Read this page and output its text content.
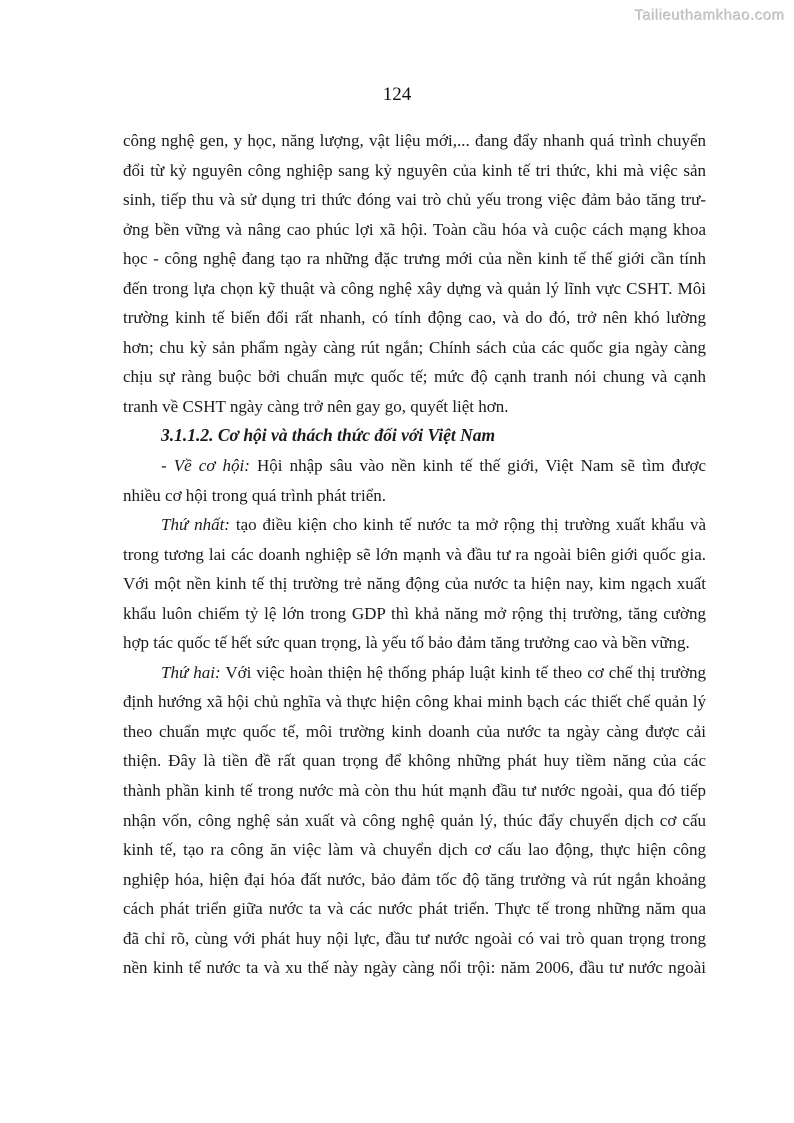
Tailieuthamkhao.com
124
công nghệ gen, y học, năng lượng, vật liệu mới,... đang đẩy nhanh quá trình chuyển
đổi từ kỷ nguyên công nghiệp sang kỷ nguyên của kinh tế tri thức, khi mà việc sản
sinh, tiếp thu và sử dụng tri thức đóng vai trò chủ yếu trong việc đảm bảo tăng trư-
ởng bền vững và nâng cao phúc lợi xã hội. Toàn cầu hóa và cuộc cách mạng khoa
học - công nghệ đang tạo ra những đặc trưng mới của nền kinh tế thế giới cần tính
đến trong lựa chọn kỹ thuật và công nghệ xây dựng và quản lý lĩnh vực CSHT. Môi
trường kinh tế biến đổi rất nhanh, có tính động cao, và do đó, trở nên khó lường
hơn; chu kỳ sản phẩm ngày càng rút ngắn; Chính sách của các quốc gia ngày càng
chịu sự ràng buộc bởi chuẩn mực quốc tế; mức độ cạnh tranh nói chung và cạnh
tranh về CSHT ngày càng trở nên gay go, quyết liệt hơn.
3.1.1.2. Cơ hội và thách thức đối với Việt Nam
- Về cơ hội: Hội nhập sâu vào nền kinh tế thế giới, Việt Nam sẽ tìm được
nhiều cơ hội trong quá trình phát triển.
Thứ nhất: tạo điều kiện cho kinh tế nước ta mở rộng thị trường xuất khẩu và
trong tương lai các doanh nghiệp sẽ lớn mạnh và đầu tư ra ngoài biên giới quốc gia.
Với một nền kinh tế thị trường trẻ năng động của nước ta hiện nay, kim ngạch xuất
khẩu luôn chiếm tỷ lệ lớn trong GDP thì khả năng mở rộng thị trường, tăng cường
hợp tác quốc tế hết sức quan trọng, là yếu tố bảo đảm tăng trưởng cao và bền vững.
Thứ hai: Với việc hoàn thiện hệ thống pháp luật kinh tế theo cơ chế thị trường
định hướng xã hội chủ nghĩa và thực hiện công khai minh bạch các thiết chế quản lý
theo chuẩn mực quốc tế, môi trường kinh doanh của nước ta ngày càng được cải
thiện. Đây là tiền đề rất quan trọng để không những phát huy tiềm năng của các
thành phần kinh tế trong nước mà còn thu hút mạnh đầu tư nước ngoài, qua đó tiếp
nhận vốn, công nghệ sản xuất và công nghệ quản lý, thúc đẩy chuyển dịch cơ cấu
kinh tế, tạo ra công ăn việc làm và chuyển dịch cơ cấu lao động, thực hiện công
nghiệp hóa, hiện đại hóa đất nước, bảo đảm tốc độ tăng trưởng và rút ngắn khoảng
cách phát triển giữa nước ta và các nước phát triển. Thực tế trong những năm qua
đã chỉ rõ, cùng với phát huy nội lực, đầu tư nước ngoài có vai trò quan trọng trong
nền kinh tế nước ta và xu thế này ngày càng nổi trội: năm 2006, đầu tư nước ngoài
